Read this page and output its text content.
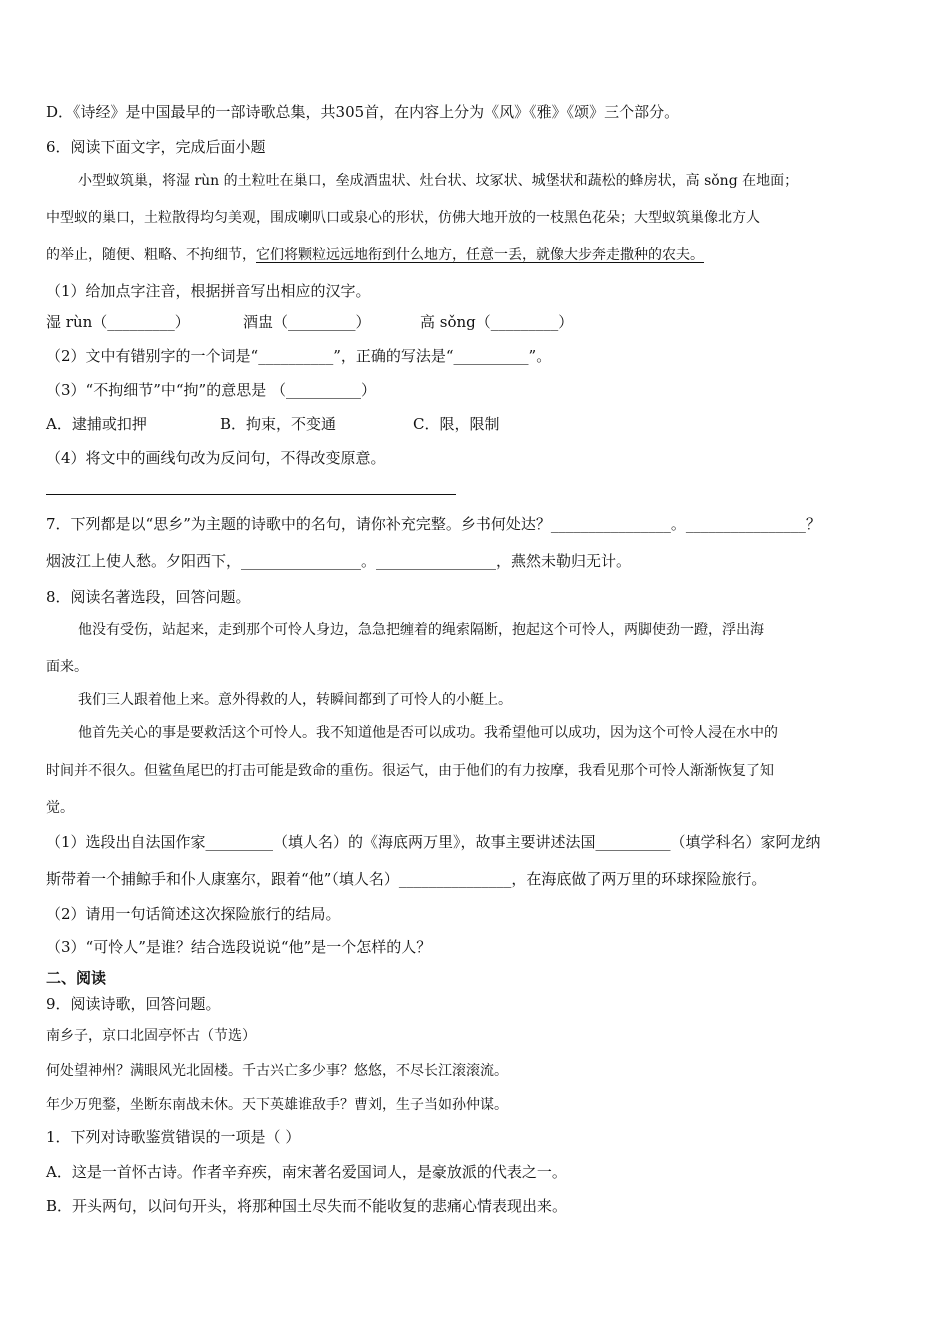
D．《诗经》是中国最早的一部诗歌总集，共305首，在内容上分为《风》《雅》《颂》三个部分。
6．阅读下面文字，完成后面小题
小型蚁筑巢，将湿 rùn 的土粒吐在巢口，垒成酒盅状、灶台状、坟冢状、城堡状和蔬松的蜂房状，高 sǒng 在地面；
中型蚁的巢口，土粒散得均匀美观，围成喇叭口或泉心的形状，仿佛大地开放的一枝黑色花朵；大型蚁筑巢像北方人
的举止，随便、粗略、不拘细节，它们将颗粒远远地衔到什么地方，任意一丢，就像大步奔走撒种的农夫。
（1）给加点字注音，根据拼音写出相应的汉字。
湿 rùn（_________）	酒盅（_________）	高 sǒng（_________）
（2）文中有错别字的一个词是“__________”，正确的写法是“__________”。
（3）“不拘细节”中“拘”的意思是 （__________）
A．逮捕或扣押	B．拘束，不变通	C．限，限制
（4）将文中的画线句改为反问句，不得改变原意。
7．下列都是以“思乡”为主题的诗歌中的名句，请你补充完整。乡书何处达？________________。________________？
烟波江上使人愁。夕阳西下，________________。________________，燕然未勒归无计。
8．阅读名著选段，回答问题。
他没有受伤，站起来，走到那个可怜人身边，急急把缠着的绳索隔断，抱起这个可怜人，两脚使劲一蹬，浮出海
面来。
我们三人跟着他上来。意外得救的人，转瞬间都到了可怜人的小艇上。
他首先关心的事是要救活这个可怜人。我不知道他是否可以成功。我希望他可以成功，因为这个可怜人浸在水中的
时间并不很久。但鲨鱼尾巴的打击可能是致命的重伤。很运气，由于他们的有力按摩，我看见那个可怜人渐渐恢复了知
觉。
（1）选段出自法国作家_________（填人名）的《海底两万里》，故事主要讲述法国__________（填学科名）家阿龙纳
斯带着一个捕鲸手和仆人康塞尔，跟着“他”（填人名）_______________，在海底做了两万里的环球探险旅行。
（2）请用一句话简述这次探险旅行的结局。
（3）“可怜人”是谁？结合选段说说“他”是一个怎样的人？
二、阅读
9．阅读诗歌，回答问题。
南乡子，京口北固亭怀古（节选）
何处望神州？满眼风光北固楼。千古兴亡多少事？悠悠，不尽长江滚滚流。
年少万兜鍪，坐断东南战未休。天下英雄谁敌手？曹刘，生子当如孙仲谋。
1．下列对诗歌鉴赏错误的一项是（ ）
A．这是一首怀古诗。作者辛弃疾，南宋著名爱国词人，是豪放派的代表之一。
B．开头两句，以问句开头，将那种国土尽失而不能收复的悲痛心情表现出来。
